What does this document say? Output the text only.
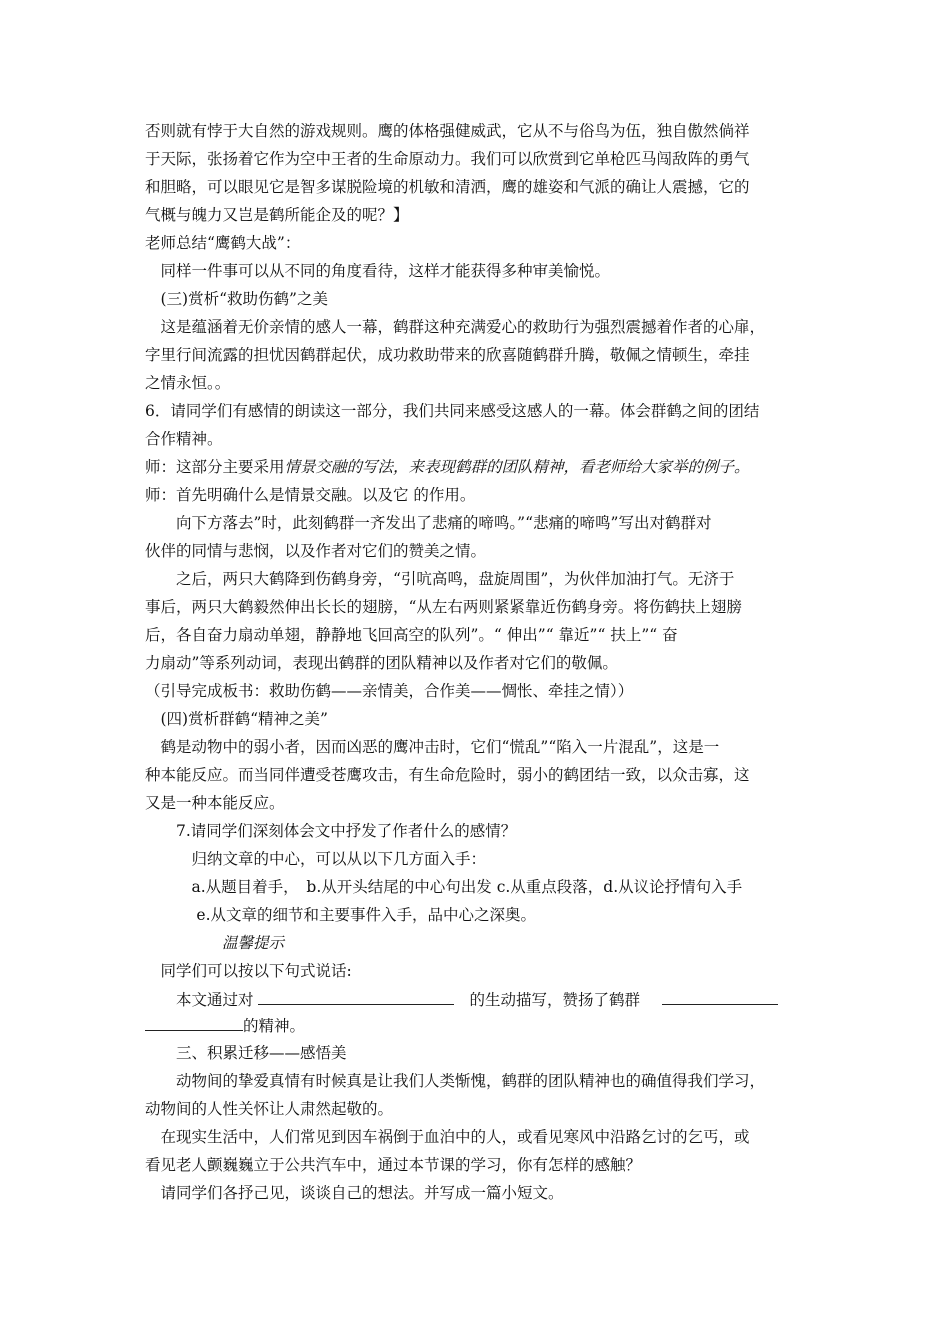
否则就有悖于大自然的游戏规则。鹰的体格强健威武，它从不与俗鸟为伍，独自傲然倘祥
于天际，张扬着它作为空中王者的生命原动力。我们可以欣赏到它单枪匹马闯敌阵的勇气
和胆略，可以眼见它是智多谋脱险境的机敏和清洒，鹰的雄姿和气派的确让人震撼，它的
气概与魄力又岂是鹤所能企及的呢？】
老师总结“鹰鹤大战”：
　同样一件事可以从不同的角度看待，这样才能获得多种审美愉悦。
　(三)赏析“救助伤鹤”之美
　这是蕴涵着无价亲情的感人一幕，鹤群这种充满爱心的救助行为强烈震撼着作者的心扉，
字里行间流露的担忧因鹤群起伏，成功救助带来的欣喜随鹤群升腾，敬佩之情顿生，牵挂
之情永恒。。
6．请同学们有感情的朗读这一部分，我们共同来感受这感人的一幕。体会群鹤之间的团结
合作精神。
师：这部分主要采用情景交融的写法，来表现鹤群的团队精神，看老师给大家举的例子。
师：首先明确什么是情景交融。以及它 的作用。
　　向下方落去”时，此刻鹤群一齐发出了悲痛的啼鸣。”“悲痛的啼鸣”写出对鹤群对
伙伴的同情与悲悯，以及作者对它们的赞美之情。
　　之后，两只大鹤降到伤鹤身旁，“引吭高鸣，盘旋周围”，为伙伴加油打气。无济于
事后，两只大鹤毅然伸出长长的翅膀，“从左右两则紧紧靠近伤鹤身旁。将伤鹤扶上翅膀
后，各自奋力扇动单翅，静静地飞回高空的队列”。“ 伸出”“ 靠近”“ 扶上”“ 奋
力扇动”等系列动词，表现出鹤群的团队精神以及作者对它们的敬佩。
（引导完成板书：救助伤鹤——亲情美，合作美——惆怅、牵挂之情））
　(四)赏析群鹤“精神之美”
　鹤是动物中的弱小者，因而凶恶的鹰冲击时，它们“慌乱”“陷入一片混乱”，这是一
种本能反应。而当同伴遭受苍鹰攻击，有生命危险时，弱小的鹤团结一致，以众击寡，这
又是一种本能反应。
　　7.请同学们深刻体会文中抒发了作者什么的感情？
　　　归纳文章的中心，可以从以下几方面入手：
　　　a.从题目着手，　b.从开头结尾的中心句出发 c.从重点段落，d.从议论抒情句入手
　　　 e.从文章的细节和主要事件入手，品中心之深奥。
温馨提示
　同学们可以按以下句式说话:
　　本文通过对	的生动描写，赞扬了鹤群
的精神。
　　三、积累迁移——感悟美
　　动物间的挚爱真情有时候真是让我们人类惭愧，鹤群的团队精神也的确值得我们学习，
动物间的人性关怀让人肃然起敬的。
　在现实生活中，人们常见到因车祸倒于血泊中的人，或看见寒风中沿路乞讨的乞丐，或
看见老人颤巍巍立于公共汽车中，通过本节课的学习，你有怎样的感触？
　请同学们各抒己见，谈谈自己的想法。并写成一篇小短文。
